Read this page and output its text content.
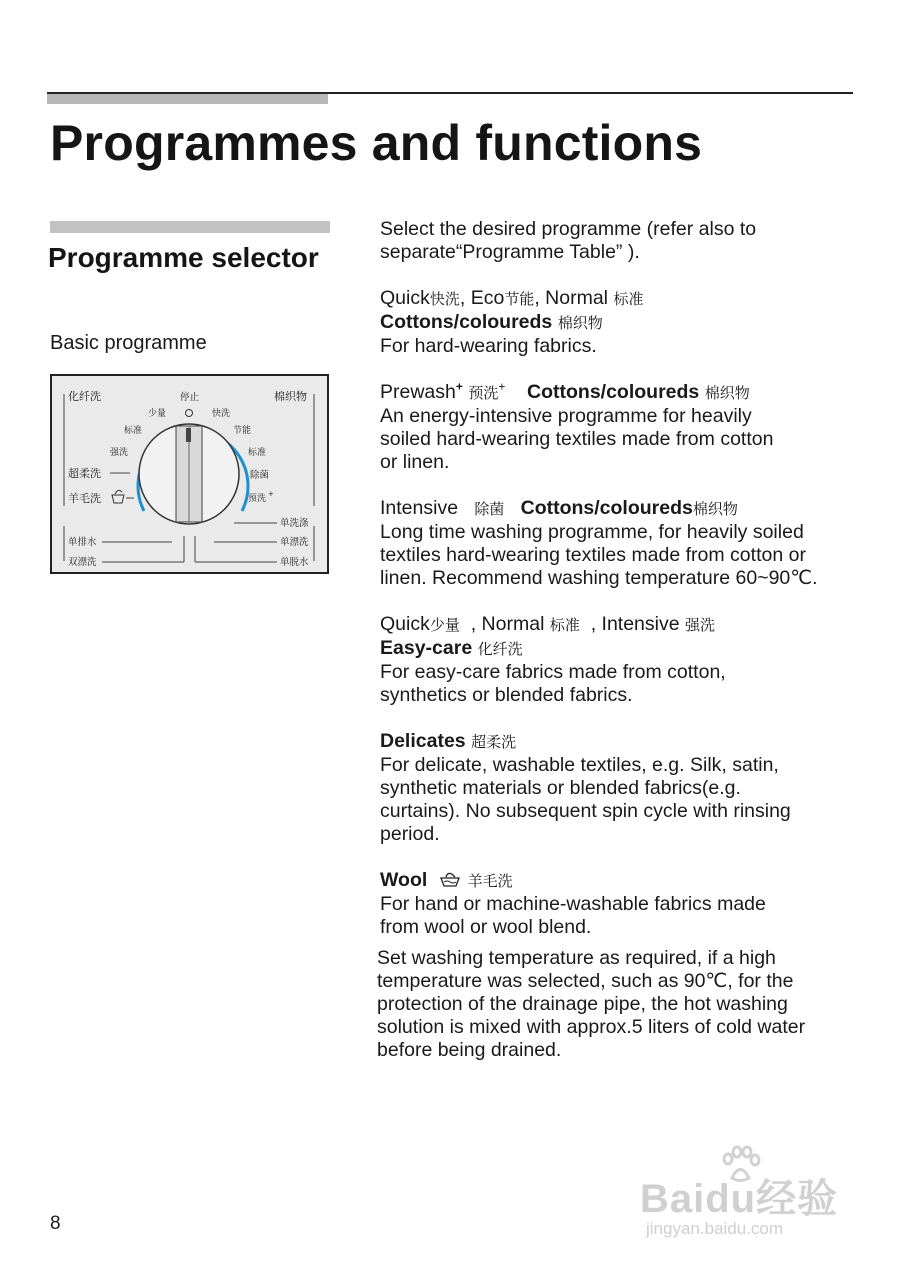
Programmes and functions
Programme selector
Basic programme
化纤洗	棉织物
超柔洗
羊毛洗
单排水
双漂洗
单洗涤
单漂洗
单脱水
停止
少量	快洗
标准	节能
强洗	标准
除菌
预洗 +

Select the desired programme (refer also to

separate“Programme Table” ).

Quick快洗, Eco节能, Normal 标准

Cottons/coloureds 棉织物

For hard-wearing fabrics.

Prewash+ 预洗+ Cottons/coloureds 棉织物

An energy-intensive programme for heavily

soiled hard-wearing textiles made from cotton

or linen.

Intensive 除菌 Cottons/coloureds棉织物

Long time washing programme, for heavily soiled

textiles hard-wearing textiles made from cotton or

linen. Recommend washing temperature 60~90℃.

Quick少量 , Normal 标准 , Intensive 强洗

Easy-care 化纤洗

For easy-care fabrics made from cotton,

synthetics or blended fabrics.

Delicates 超柔洗

For delicate, washable textiles, e.g. Silk, satin,

synthetic materials or blended fabrics(e.g.

curtains). No subsequent spin cycle with rinsing

period.

Wool	羊毛洗

For hand or machine-washable fabrics made

from wool or wool blend.

Set washing temperature as required, if a high
temperature was selected, such as 90℃, for the
protection of the drainage pipe, the hot washing
solution is mixed with approx.5 liters of cold water
before being drained.
8
Baidu经验
jingyan.baidu.com
